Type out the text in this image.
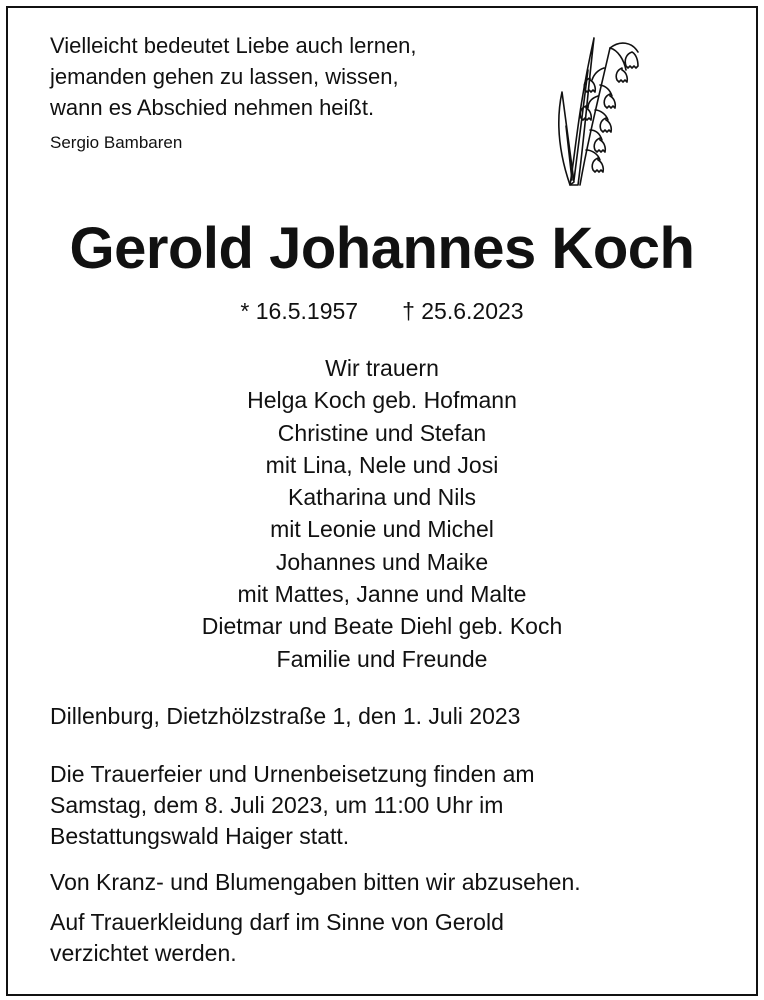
Vielleicht bedeutet Liebe auch lernen,
jemanden gehen zu lassen, wissen,
wann es Abschied nehmen heißt.
Sergio Bambaren
Gerold Johannes Koch
* 16.5.1957 † 25.6.2023
Wir trauern
Helga Koch geb. Hofmann
Christine und Stefan
mit Lina, Nele und Josi
Katharina und Nils
mit Leonie und Michel
Johannes und Maike
mit Mattes, Janne und Malte
Dietmar und Beate Diehl geb. Koch
Familie und Freunde
Dillenburg, Dietzhölzstraße 1, den 1. Juli 2023
Die Trauerfeier und Urnenbeisetzung finden am
Samstag, dem 8. Juli 2023, um 11:00 Uhr im
Bestattungswald Haiger statt.
Von Kranz- und Blumengaben bitten wir abzusehen.
Auf Trauerkleidung darf im Sinne von Gerold
verzichtet werden.
